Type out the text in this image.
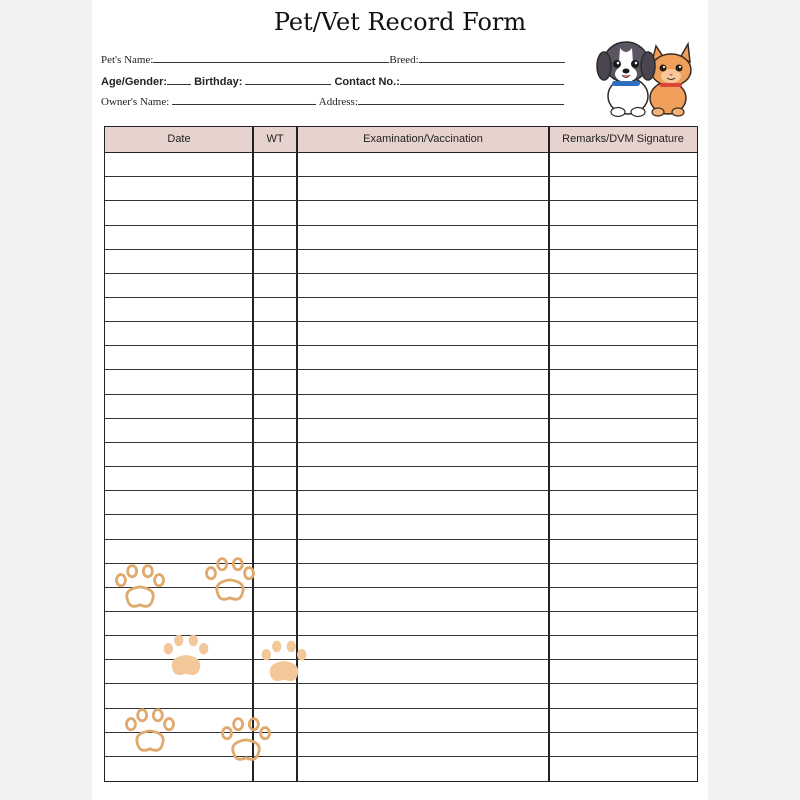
Pet/Vet Record Form
Pet's Name:	Breed:
Age/Gender: Birthday:	Contact No.:
Owner's Name:	Address:
Date	WT	Examination/Vaccination	Remarks/DVM Signature
